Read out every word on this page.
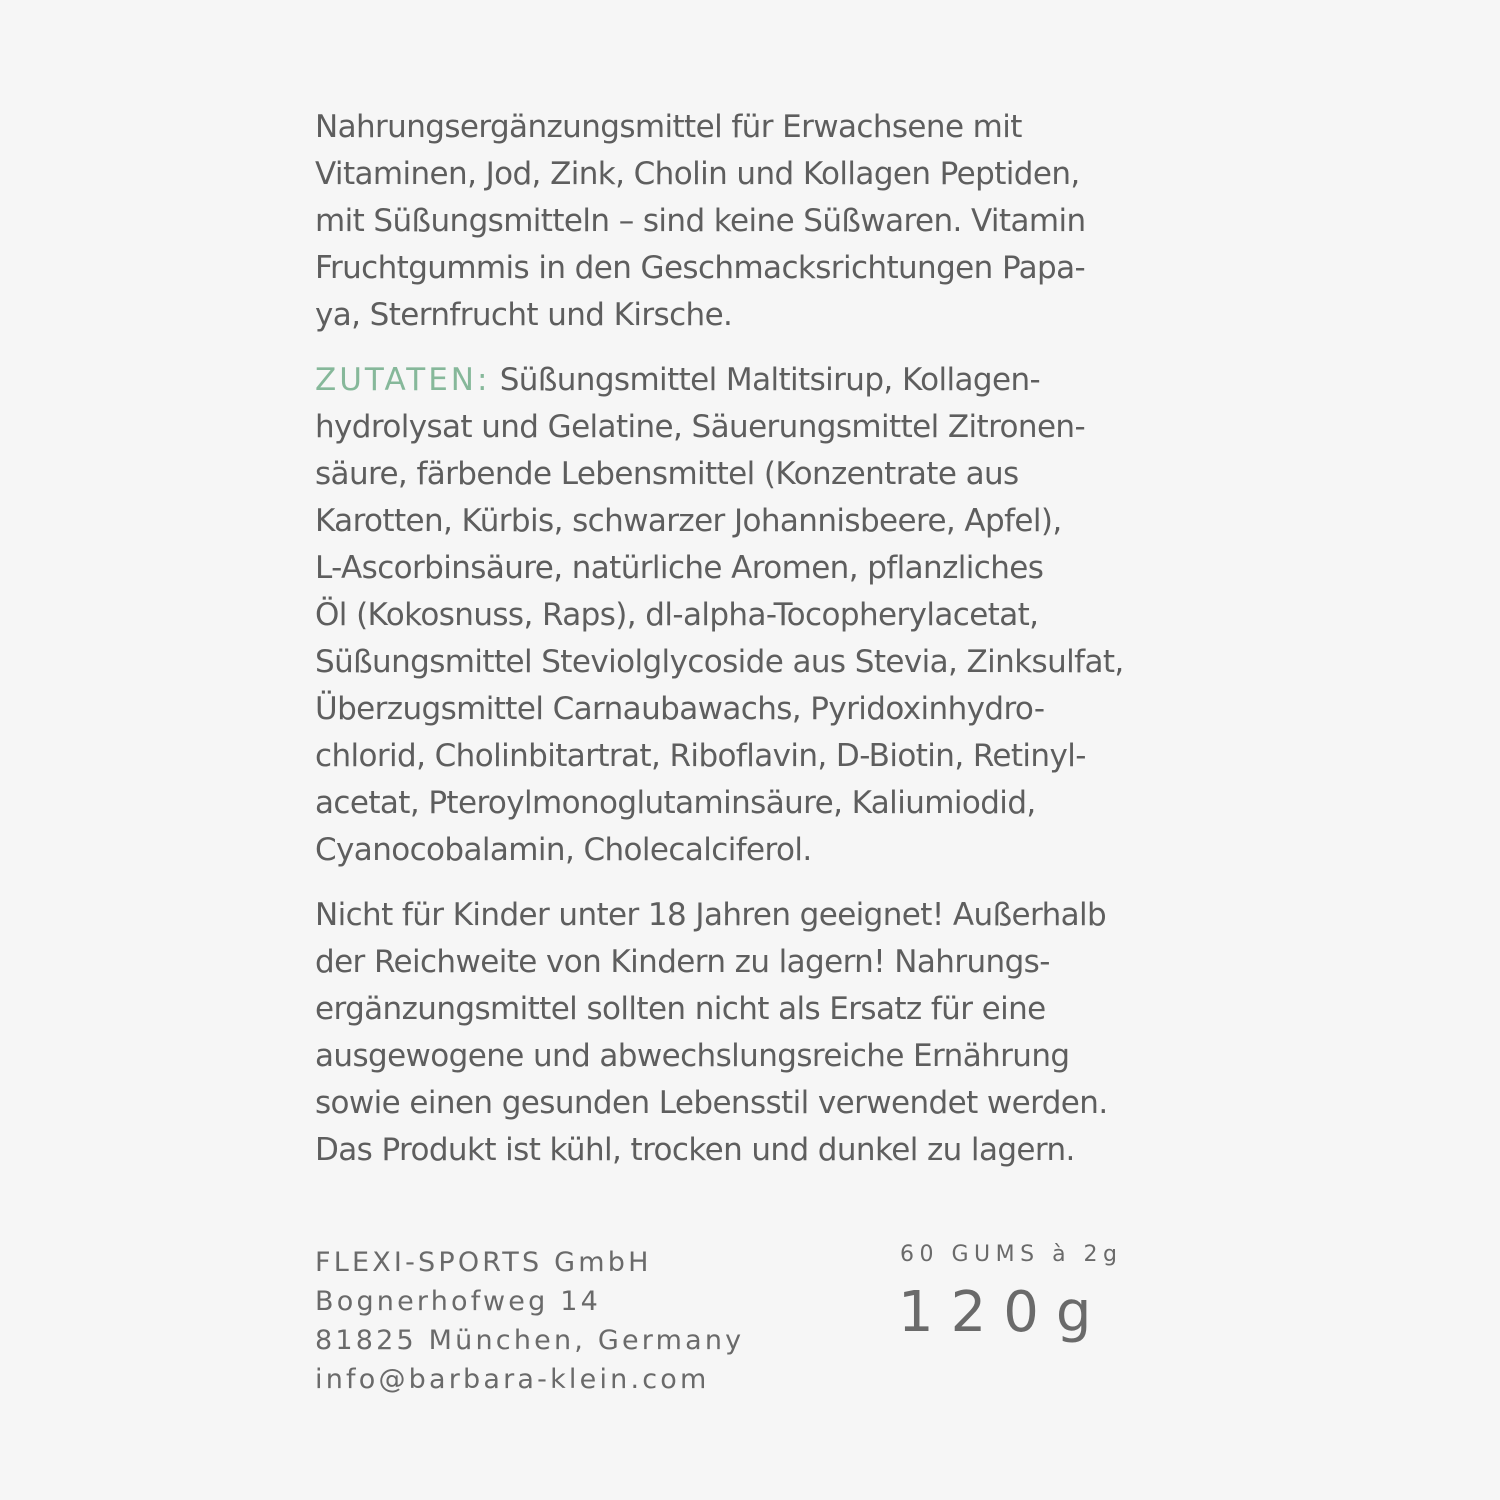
Nahrungsergänzungsmittel für Erwachsene mit
Vitaminen, Jod, Zink, Cholin und Kollagen Peptiden,
mit Süßungsmitteln – sind keine Süßwaren. Vitamin
Fruchtgummis in den Geschmacksrichtungen Papa-
ya, Sternfrucht und Kirsche.

ZUTATEN: Süßungsmittel Maltitsirup, Kollagen-
hydrolysat und Gelatine, Säuerungsmittel Zitronen-
säure, färbende Lebensmittel (Konzentrate aus
Karotten, Kürbis, schwarzer Johannisbeere, Apfel),
L-Ascorbinsäure, natürliche Aromen, pflanzliches
Öl (Kokosnuss, Raps), dl-alpha-Tocopherylacetat,
Süßungsmittel Steviolglycoside aus Stevia, Zinksulfat,
Überzugsmittel Carnaubawachs, Pyridoxinhydro-
chlorid, Cholinbitartrat, Riboflavin, D-Biotin, Retinyl-
acetat, Pteroylmonoglutaminsäure, Kaliumiodid,
Cyanocobalamin, Cholecalciferol.

Nicht für Kinder unter 18 Jahren geeignet! Außerhalb
der Reichweite von Kindern zu lagern! Nahrungs-
ergänzungsmittel sollten nicht als Ersatz für eine
ausgewogene und abwechslungsreiche Ernährung
sowie einen gesunden Lebensstil verwendet werden.
Das Produkt ist kühl, trocken und dunkel zu lagern.

FLEXI-SPORTS GmbH
Bognerhofweg 14
81825 München, Germany
info@barbara-klein.com
60 GUMS à 2g
120g
